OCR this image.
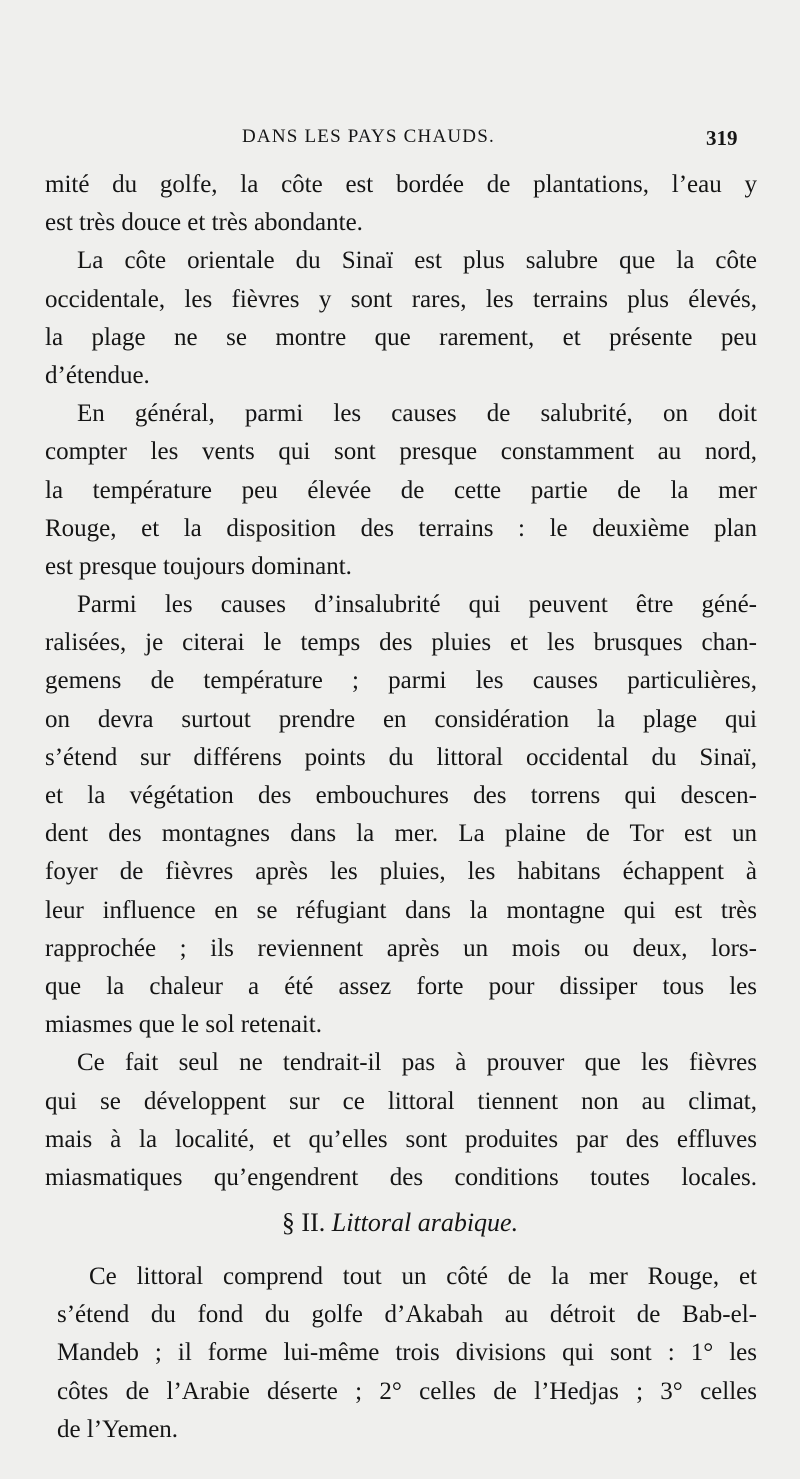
DANS LES PAYS CHAUDS.	319
mité du golfe, la côte est bordée de plantations, l’eau y
est très douce et très abondante.
La côte orientale du Sinaï est plus salubre que la côte
occidentale, les fièvres y sont rares, les terrains plus élevés,
la plage ne se montre que rarement, et présente peu
d’étendue.
En général, parmi les causes de salubrité, on doit
compter les vents qui sont presque constamment au nord,
la température peu élevée de cette partie de la mer
Rouge, et la disposition des terrains : le deuxième plan
est presque toujours dominant.
Parmi les causes d’insalubrité qui peuvent être géné-
ralisées, je citerai le temps des pluies et les brusques chan-
gemens de température ; parmi les causes particulières,
on devra surtout prendre en considération la plage qui
s’étend sur différens points du littoral occidental du Sinaï,
et la végétation des embouchures des torrens qui descen-
dent des montagnes dans la mer. La plaine de Tor est un
foyer de fièvres après les pluies, les habitans échappent à
leur influence en se réfugiant dans la montagne qui est très
rapprochée ; ils reviennent après un mois ou deux, lors-
que la chaleur a été assez forte pour dissiper tous les
miasmes que le sol retenait.
Ce fait seul ne tendrait-il pas à prouver que les fièvres
qui se développent sur ce littoral tiennent non au climat,
mais à la localité, et qu’elles sont produites par des effluves
miasmatiques qu’engendrent des conditions toutes locales.
§ II. Littoral arabique.
Ce littoral comprend tout un côté de la mer Rouge, et
s’étend du fond du golfe d’Akabah au détroit de Bab-el-
Mandeb ; il forme lui-même trois divisions qui sont : 1° les
côtes de l’Arabie déserte ; 2° celles de l’Hedjas ; 3° celles
de l’Yemen.
